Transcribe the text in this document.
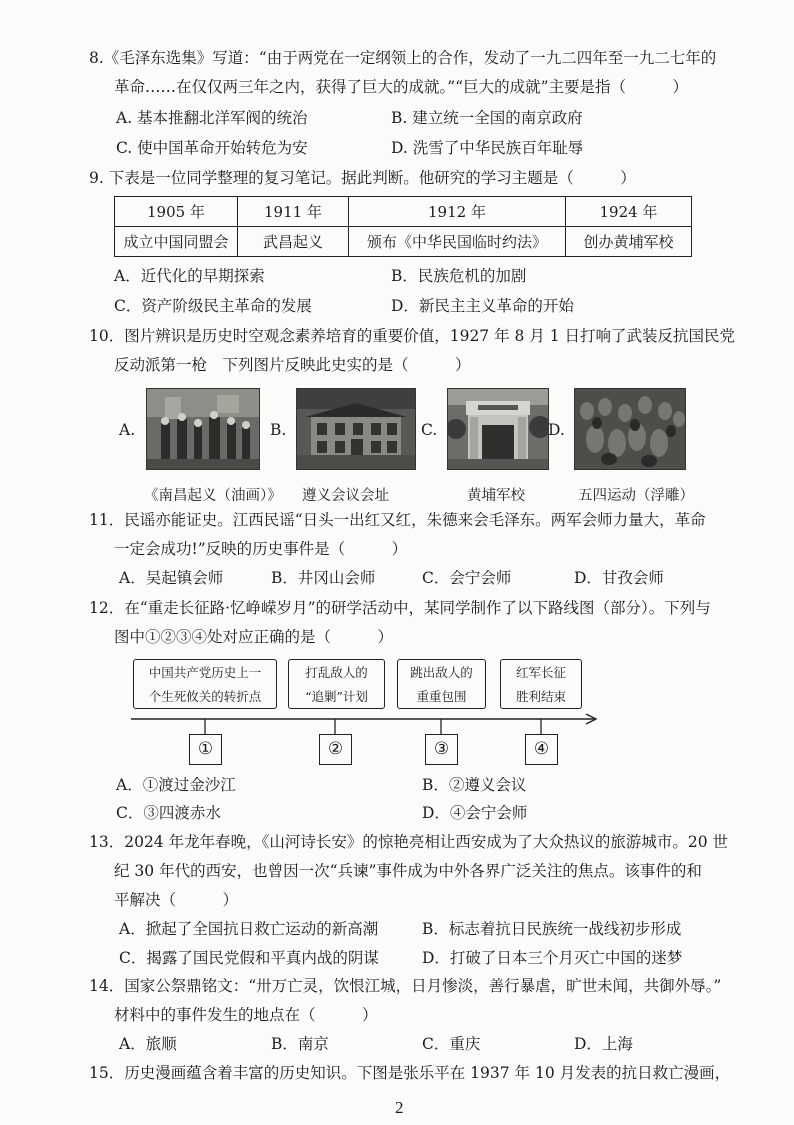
8.《毛泽东选集》写道：“由于两党在一定纲领上的合作，发动了一九二四年至一九二七年的
革命……在仅仅两三年之内，获得了巨大的成就。”“巨大的成就”主要是指（　　　）
A. 基本推翻北洋军阀的统治	B. 建立统一全国的南京政府
C. 使中国革命开始转危为安	D. 洗雪了中华民族百年耻辱
9. 下表是一位同学整理的复习笔记。据此判断。他研究的学习主题是（　　　）
1905 年	1911 年	1912 年	1924 年
成立中国同盟会	武昌起义	颁布《中华民国临时约法》	创办黄埔军校
A．近代化的早期探索	B．民族危机的加剧
C．资产阶级民主革命的发展	D．新民主主义革命的开始
10．图片辨识是历史时空观念素养培育的重要价值，1927 年 8 月 1 日打响了武装反抗国民党
反动派第一枪　下列图片反映此史实的是（　　　）
A.	B.	C.	D.
《南昌起义（油画）》 遵义会议会址	黄埔军校	五四运动（浮雕）
11．民谣亦能证史。江西民谣“日头一出红又红，朱德来会毛泽东。两军会师力量大，革命
一定会成功!”反映的历史事件是（　　　）
A．吴起镇会师	B．井冈山会师	C．会宁会师	D．甘孜会师
12．在“重走长征路·忆峥嵘岁月”的研学活动中，某同学制作了以下路线图（部分）。下列与
图中①②③④处对应正确的是（　　　）
中国共产党历史上一
个生死攸关的转折点
打乱敌人的
“追剿”计划
跳出敌人的
重重包围
红军长征
胜利结束
①	②	③	④
A．①渡过金沙江	B．②遵义会议
C．③四渡赤水	D．④会宁会师
13．2024 年龙年春晚，《山河诗长安》的惊艳亮相让西安成为了大众热议的旅游城市。20 世
纪 30 年代的西安，也曾因一次“兵谏”事件成为中外各界广泛关注的焦点。该事件的和
平解决（　　　）
A．掀起了全国抗日救亡运动的新高潮	B．标志着抗日民族统一战线初步形成
C．揭露了国民党假和平真内战的阴谋	D．打破了日本三个月灭亡中国的迷梦
14．国家公祭鼎铭文：“卅万亡灵，饮恨江城，日月惨淡，善行暴虐，旷世未闻，共御外辱。”
材料中的事件发生的地点在（　　　）
A．旅顺	B．南京	C．重庆	D．上海
15．历史漫画蕴含着丰富的历史知识。下图是张乐平在 1937 年 10 月发表的抗日救亡漫画，
2
